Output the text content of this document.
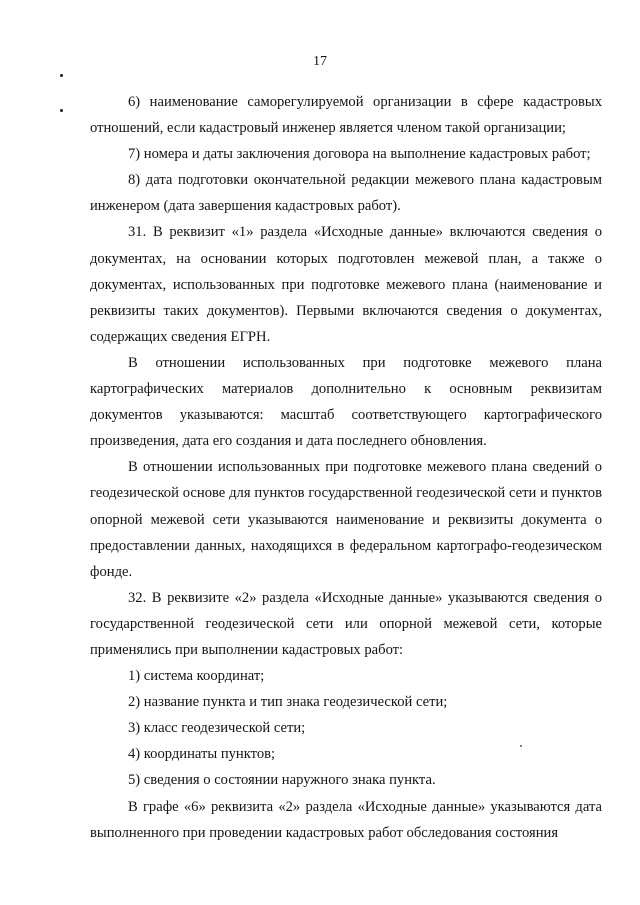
17

6) наименование саморегулируемой организации в сфере кадастровых отношений, если кадастровый инженер является членом такой организации;

7) номера и даты заключения договора на выполнение кадастровых работ;

8) дата подготовки окончательной редакции межевого плана кадастровым инженером (дата завершения кадастровых работ).

31. В реквизит «1» раздела «Исходные данные» включаются сведения о документах, на основании которых подготовлен межевой план, а также о документах, использованных при подготовке межевого плана (наименование и реквизиты таких документов). Первыми включаются сведения о документах, содержащих сведения ЕГРН.

В отношении использованных при подготовке межевого плана картографических материалов дополнительно к основным реквизитам документов указываются: масштаб соответствующего картографического произведения, дата его создания и дата последнего обновления.

В отношении использованных при подготовке межевого плана сведений о геодезической основе для пунктов государственной геодезической сети и пунктов опорной межевой сети указываются наименование и реквизиты документа о предоставлении данных, находящихся в федеральном картографо-геодезическом фонде.

32. В реквизите «2» раздела «Исходные данные» указываются сведения о государственной геодезической сети или опорной межевой сети, которые применялись при выполнении кадастровых работ:

1) система координат;

2) название пункта и тип знака геодезической сети;

3) класс геодезической сети;

4) координаты пунктов;

5) сведения о состоянии наружного знака пункта.

В графе «6» реквизита «2» раздела «Исходные данные» указываются дата выполненного при проведении кадастровых работ обследования состояния
